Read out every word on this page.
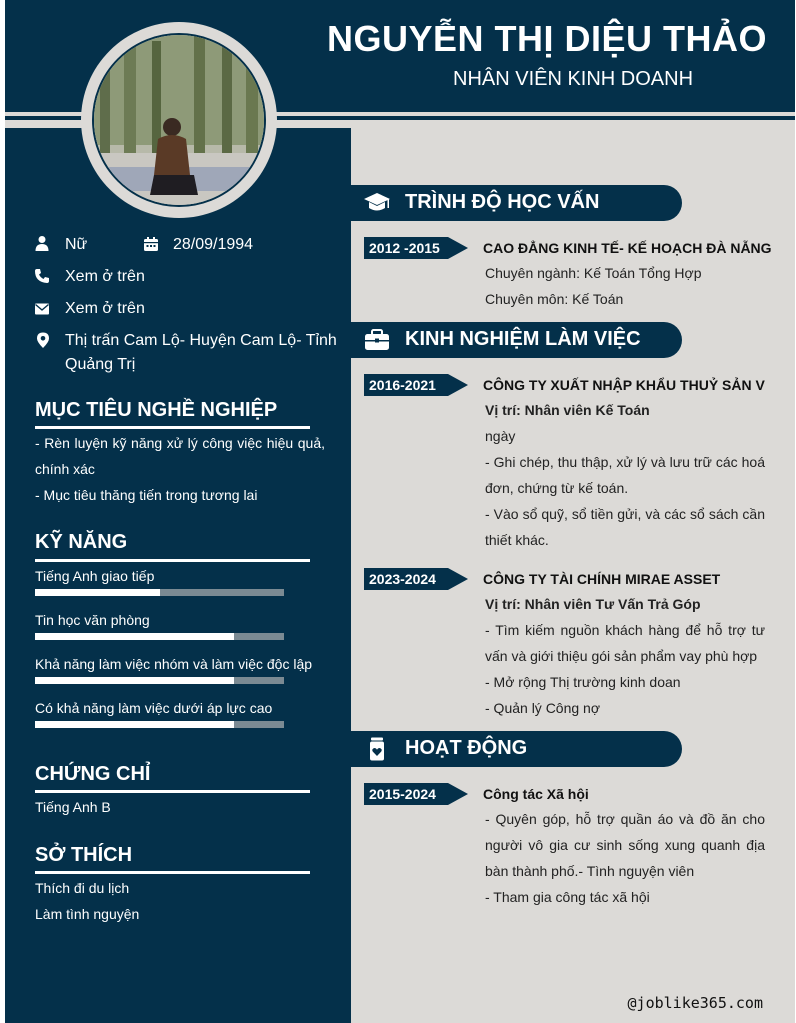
NGUYỄN THỊ DIỆU THẢO
NHÂN VIÊN KINH DOANH
Nữ	28/09/1994
Xem ở trên
Xem ở trên
Thị trấn Cam Lộ- Huyện Cam Lộ- Tỉnh Quảng Trị
MỤC TIÊU NGHỀ NGHIỆP
- Rèn luyện kỹ năng xử lý công việc hiệu quả, chính xác
- Mục tiêu thăng tiến trong tương lai
KỸ NĂNG
Tiếng Anh giao tiếp
Tin học văn phòng
Khả năng làm việc nhóm và làm việc độc lập
Có khả năng làm việc dưới áp lực cao
CHỨNG CHỈ
Tiếng Anh B
SỞ THÍCH
Thích đi du lịch
Làm tình nguyện
TRÌNH ĐỘ HỌC VẤN
2012 -2015	CAO ĐẲNG KINH TẾ- KẾ HOẠCH ĐÀ NẴNG

Chuyên ngành: Kế Toán Tổng Hợp

Chuyên môn: Kế Toán

KINH NGHIỆM LÀM VIỆC
2016-2021	CÔNG TY XUẤT NHẬP KHẨU THUỶ SẢN V

Vị trí: Nhân viên Kế Toán

ngày

- Ghi chép, thu thập, xử lý và lưu trữ các hoá đơn, chứng từ kế toán.

- Vào sổ quỹ, sổ tiền gửi, và các sổ sách cần thiết khác.

2023-2024	CÔNG TY TÀI CHÍNH MIRAE ASSET

Vị trí: Nhân viên Tư Vấn Trả Góp

- Tìm kiếm nguồn khách hàng để hỗ trợ tư vấn và giới thiệu gói sản phẩm vay phù hợp

- Mở rộng Thị trường kinh doan

- Quản lý Công nợ

HOẠT ĐỘNG
2015-2024	Công tác Xã hội

- Quyên góp, hỗ trợ quần áo và đồ ăn cho người vô gia cư sinh sống xung quanh địa bàn thành phố.- Tình nguyện viên

- Tham gia công tác xã hội

@joblike365.com
